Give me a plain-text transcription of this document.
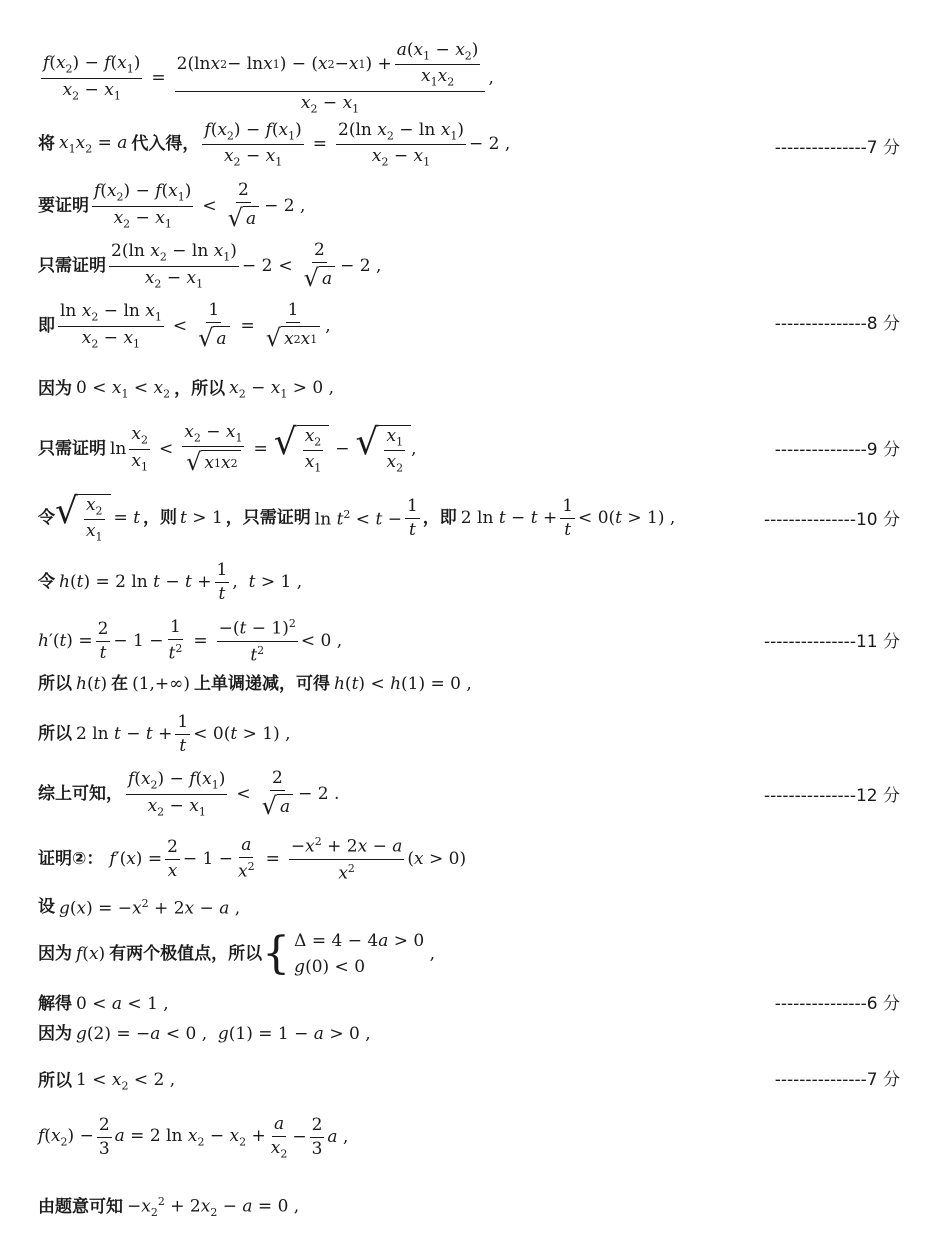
$\frac{f(x_2) - f(x_1)}{x_2 - x_1} = \frac{2(\ln x 2 - \ln x 1 ) - ( x 2 - x 1 ) + \frac{a(x_1 - x_2)}{x_1x_2}}{x_2 - x_1}$ ,
将 $x_1x_2 = a$ 代入得， $\frac{f(x_2) - f(x_1)}{x_2 - x_1} = \frac{2(\ln x_2 - \ln x_1)}{x_2 - x_1} - 2$ ,	---------------7 分
要证明 $\frac{f(x_2) - f(x_1)}{x_2 - x_1} < \frac{2}{√ a} - 2$ ,
只需证明 $\frac{2(\ln x_2 - \ln x_1)}{x_2 - x_1} - 2 < \frac{2}{√ a} - 2$ ,
即 $\frac{\ln x_2 - \ln x_1}{x_2 - x_1} < \frac{1}{√ a} = \frac{1}{√ x 2 x 1}$ ,	---------------8 分
因为 $0 < x_1 < x_2$ ，所以 $x_2 - x_1 > 0$ ,
只需证明 $\ln \frac{x_2}{x_1} < \frac{x_2 - x_1}{√ x 1 x 2}$ = √ $\frac{x_2}{x_1}$ − √ $\frac{x_1}{x_2}$ ,	---------------9 分
令 √ $\frac{x_2}{x_1} = t$ ，则 t > 1 ，只需证明 $\ln t^2 < t - \frac{1}{t}$ ，即 2 $\ln t - t + \frac{1}{t} < 0(t > 1)$ ,	---------------10 分
令 h(t) = 2 $\ln t - t + \frac{1}{t}$ ,  t > 1 ,
$h'(t) = \frac{2}{t} - 1 - \frac{1}{t^2} = \frac{-(t - 1)^2}{t^2} < 0$ ,	---------------11 分
所以 h(t) 在 (1,+∞) 上单调递减，可得 h(t) < h(1) = 0 ,
所以 2 $\ln t - t + \frac{1}{t} < 0(t > 1)$ ,
综上可知， $\frac{f(x_2) - f(x_1)}{x_2 - x_1} < \frac{2}{√ a} - 2$ .	---------------12 分
证明②： $f'(x) = \frac{2}{x} - 1 - \frac{a}{x^2} = \frac{-x^2 + 2x - a}{x^2} (x > 0)$
设 $g(x) = -x^2 + 2x - a$ ,
因为 f(x) 有两个极值点，所以 { Δ = 4 − 4a > 0
g(0) < 0
,
解得 0 < a < 1 ,	---------------6 分
因为 g(2) = −a < 0 ,  g(1) = 1 − a > 0 ,
所以 $1 < x_2 < 2$ ,	---------------7 分
$f(x_2) - \frac{2}{3}$ a = 2 $\ln x_2 - x_2 + \frac{a}{x_2} - \frac{2}{3}$ a ,
由题意可知 $-x_2^2 + 2x_2 - a = 0$ ,
